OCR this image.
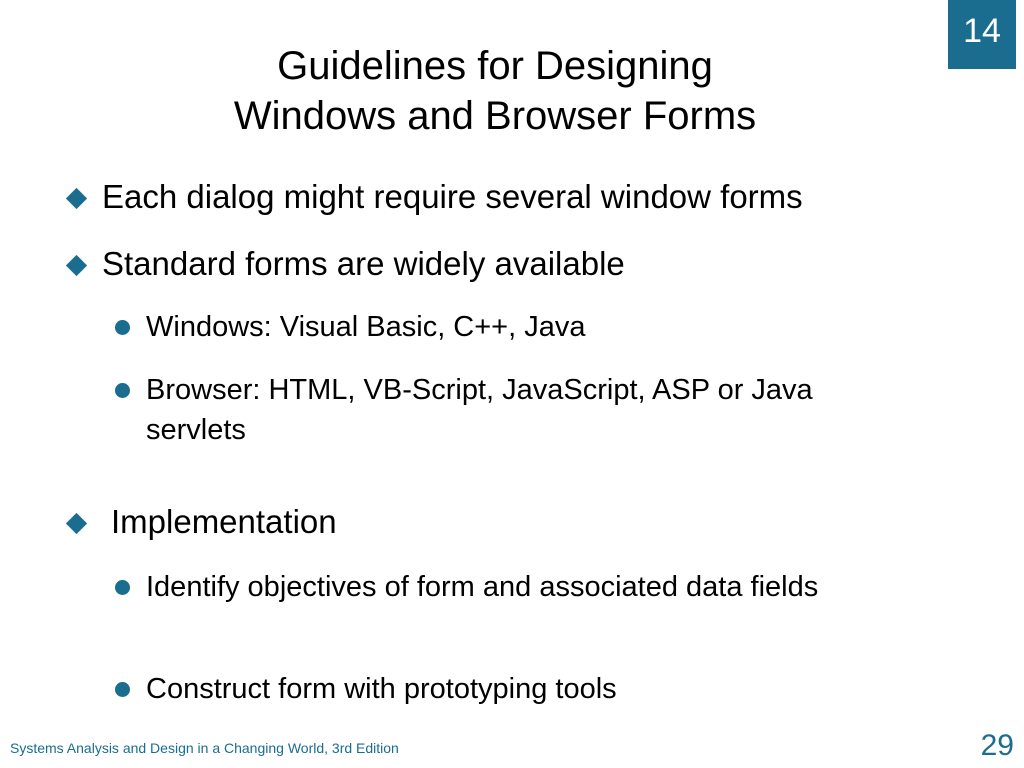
14
Guidelines for Designing
Windows and Browser Forms
Each dialog might require several window forms
Standard forms are widely available
Windows: Visual Basic, C++, Java
Browser: HTML, VB-Script, JavaScript, ASP or Java servlets
Implementation
Identify objectives of form and associated data fields
Construct form with prototyping tools
Systems Analysis and Design in a Changing World, 3rd Edition	29
